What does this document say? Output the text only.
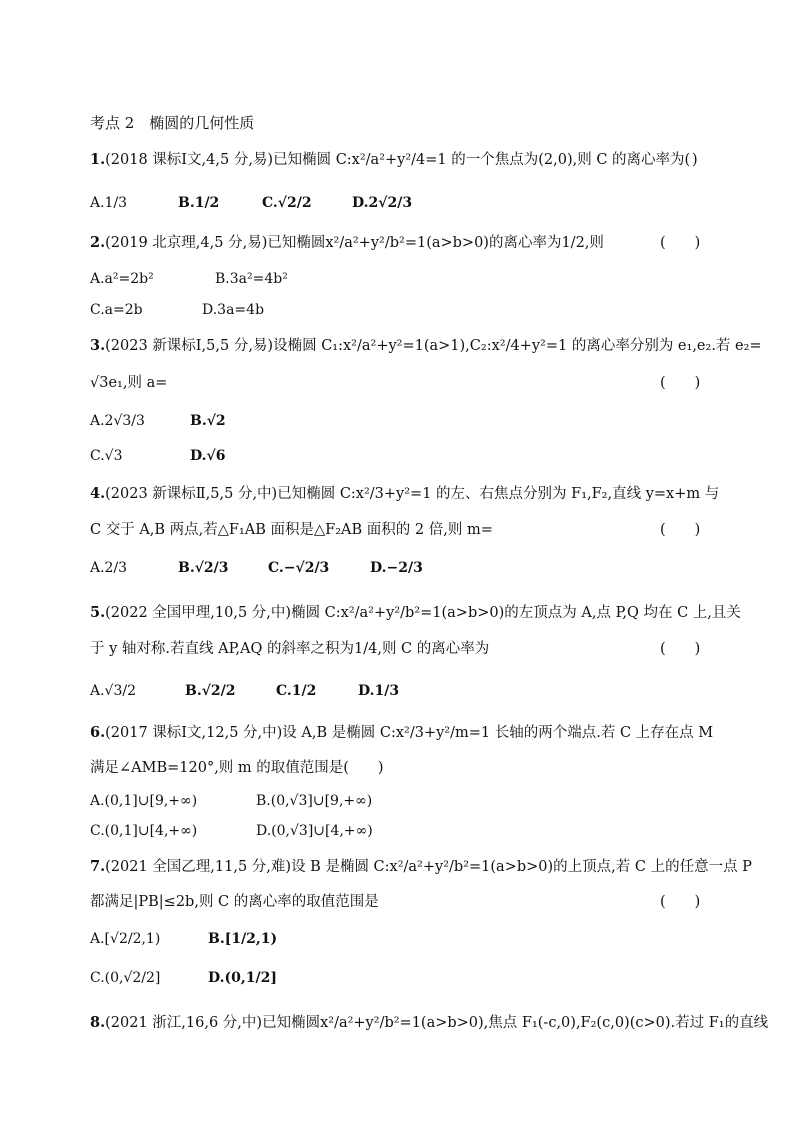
考点 2　椭圆的几何性质
1.(2018 课标Ⅰ文,4,5 分,易)已知椭圆 C:x²/a²+y²/4=1 的一个焦点为(2,0),则 C 的离心率为( )
A.1/3	B.1/2	C.√2/2	D.2√2/3
2.(2019 北京理,4,5 分,易)已知椭圆x²/a²+y²/b²=1(a>b>0)的离心率为1/2,则	(　　)
A.a²=2b²	B.3a²=4b²
C.a=2b	D.3a=4b
3.(2023 新课标Ⅰ,5,5 分,易)设椭圆 C₁:x²/a²+y²=1(a>1),C₂:x²/4+y²=1 的离心率分别为 e₁,e₂.若 e₂=
√3e₁,则 a=	(　　)
A.2√3/3	B.√2
C.√3	D.√6
4.(2023 新课标Ⅱ,5,5 分,中)已知椭圆 C:x²/3+y²=1 的左、右焦点分别为 F₁,F₂,直线 y=x+m 与
C 交于 A,B 两点,若△F₁AB 面积是△F₂AB 面积的 2 倍,则 m=	(　　)
A.2/3	B.√2/3	C.−√2/3	D.−2/3
5.(2022 全国甲理,10,5 分,中)椭圆 C:x²/a²+y²/b²=1(a>b>0)的左顶点为 A,点 P,Q 均在 C 上,且关
于 y 轴对称.若直线 AP,AQ 的斜率之积为1/4,则 C 的离心率为	(　　)
A.√3/2	B.√2/2	C.1/2	D.1/3
6.(2017 课标Ⅰ文,12,5 分,中)设 A,B 是椭圆 C:x²/3+y²/m=1 长轴的两个端点.若 C 上存在点 M
满足∠AMB=120°,则 m 的取值范围是(　　)
A.(0,1]∪[9,+∞)	B.(0,√3]∪[9,+∞)
C.(0,1]∪[4,+∞)	D.(0,√3]∪[4,+∞)
7.(2021 全国乙理,11,5 分,难)设 B 是椭圆 C:x²/a²+y²/b²=1(a>b>0)的上顶点,若 C 上的任意一点 P
都满足|PB|≤2b,则 C 的离心率的取值范围是	(　　)
A.[√2/2,1)	B.[1/2,1)
C.(0,√2/2]	D.(0,1/2]
8.(2021 浙江,16,6 分,中)已知椭圆x²/a²+y²/b²=1(a>b>0),焦点 F₁(-c,0),F₂(c,0)(c>0).若过 F₁的直线
